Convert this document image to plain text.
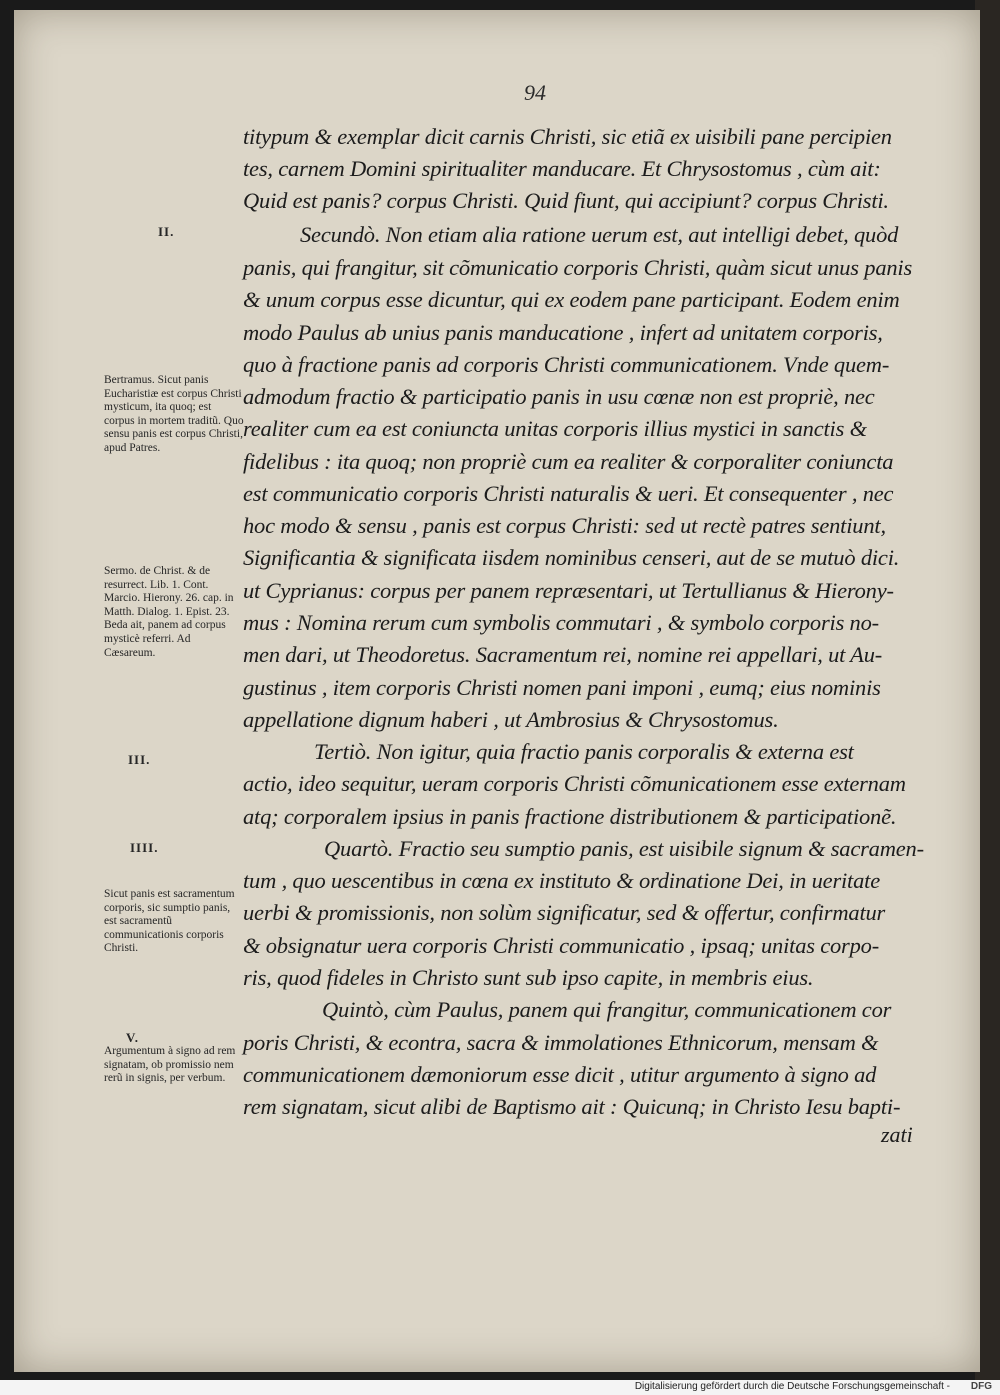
94
titypum & exemplar dicit carnis Christi, sic etiã ex uisibili pane percipien
tes, carnem Domini spiritualiter manducare. Et Chrysostomus , cùm ait:
Quid est panis? corpus Christi. Quid fiunt, qui accipiunt? corpus Christi.
Secundò. Non etiam alia ratione uerum est, aut intelligi debet, quòd
panis, qui frangitur, sit cõmunicatio corporis Christi, quàm sicut unus panis
& unum corpus esse dicuntur, qui ex eodem pane participant. Eodem enim
modo Paulus ab unius panis manducatione , infert ad unitatem corporis,
quo à fractione panis ad corporis Christi communicationem. Vnde quem-
admodum fractio & participatio panis in usu cœnæ non est propriè, nec
realiter cum ea est coniuncta unitas corporis illius mystici in sanctis &
fidelibus : ita quoq; non propriè cum ea realiter & corporaliter coniuncta
est communicatio corporis Christi naturalis & ueri. Et consequenter , nec
hoc modo & sensu , panis est corpus Christi: sed ut rectè patres sentiunt,
Significantia & significata iisdem nominibus censeri, aut de se mutuò dici.
ut Cyprianus: corpus per panem repræsentari, ut Tertullianus & Hierony-
mus : Nomina rerum cum symbolis commutari , & symbolo corporis no-
men dari, ut Theodoretus. Sacramentum rei, nomine rei appellari, ut Au-
gustinus , item corporis Christi nomen pani imponi , eumq; eius nominis
appellatione dignum haberi , ut Ambrosius & Chrysostomus.
Tertiò. Non igitur, quia fractio panis corporalis & externa est
actio, ideo sequitur, ueram corporis Christi cõmunicationem esse externam
atq; corporalem ipsius in panis fractione distributionem & participationẽ.
Quartò. Fractio seu sumptio panis, est uisibile signum & sacramen-
tum , quo uescentibus in cœna ex instituto & ordinatione Dei, in ueritate
uerbi & promissionis, non solùm significatur, sed & offertur, confirmatur
& obsignatur uera corporis Christi communicatio , ipsaq; unitas corpo-
ris, quod fideles in Christo sunt sub ipso capite, in membris eius.
Quintò, cùm Paulus, panem qui frangitur, communicationem cor
poris Christi, & econtra, sacra & immolationes Ethnicorum, mensam &
communicationem dæmoniorum esse dicit , utitur argumento à signo ad
rem signatam, sicut alibi de Baptismo ait : Quicunq; in Christo Iesu bapti-
zati
II.
III.
IIII.
V.
Bertramus. Sicut panis Eucharistiæ est corpus Christi mysticum, ita quoq; est corpus in mortem traditũ. Quo sensu panis est corpus Christi, apud Patres.
Sermo. de Christ. & de resurrect. Lib. 1. Cont. Marcio. Hierony. 26. cap. in Matth. Dialog. 1. Epist. 23. Beda ait, panem ad corpus mysticè referri. Ad Cæsareum.
Sicut panis est sacramentum corporis, sic sumptio panis, est sacramentũ communicationis corporis Christi.
Argumentum à signo ad rem signatam, ob promissio nem rerũ in signis, per verbum.
Digitalisierung gefördert durch die Deutsche Forschungsgemeinschaft - DFG
